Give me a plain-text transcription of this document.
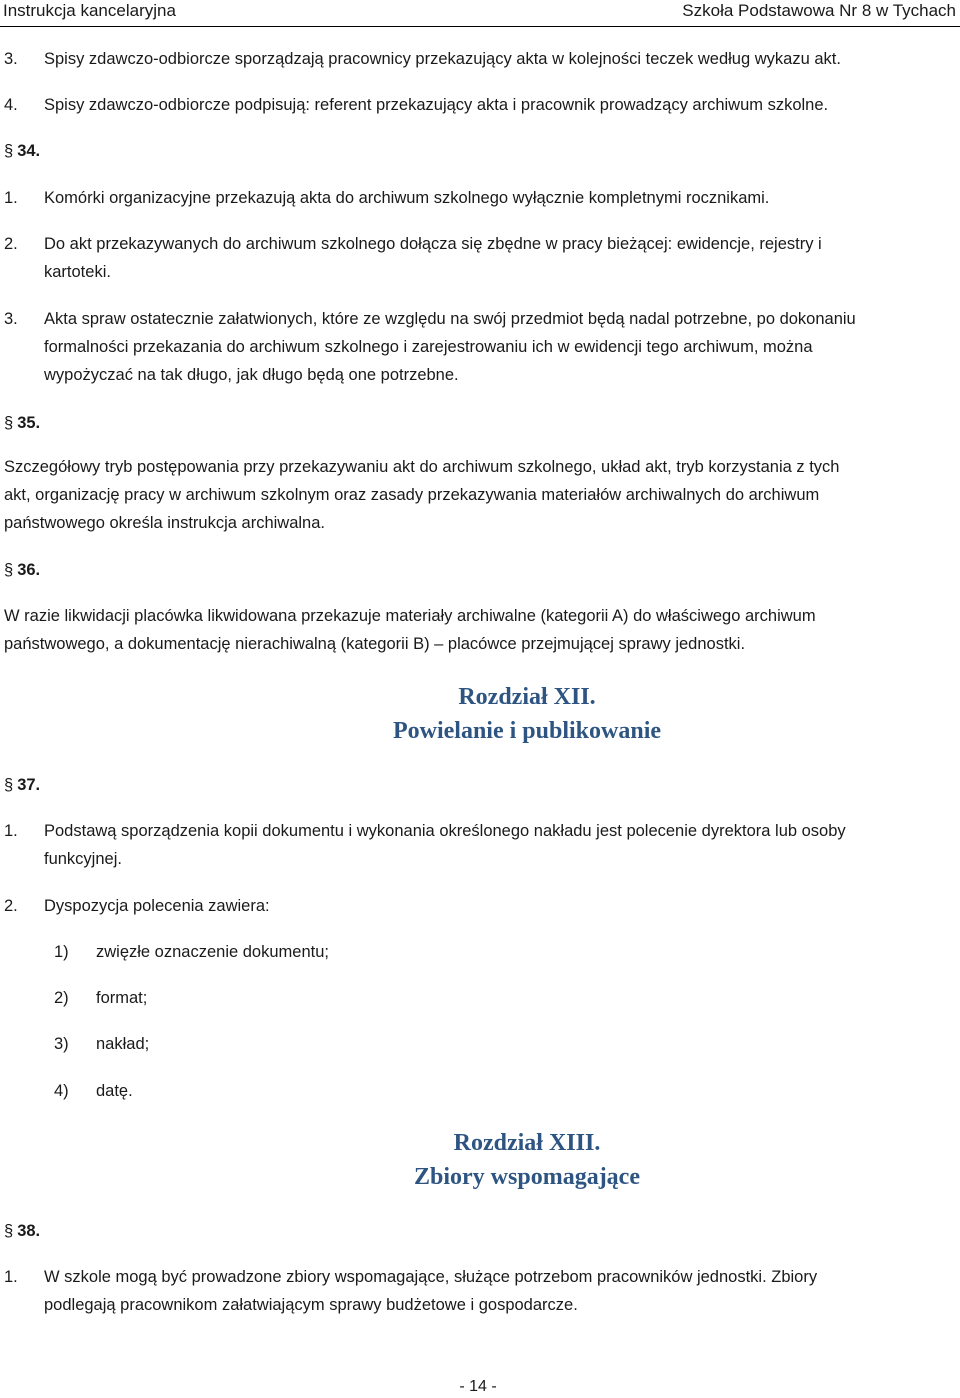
Instrukcja kancelaryjna	Szkoła Podstawowa Nr 8 w Tychach
3. Spisy zdawczo-odbiorcze sporządzają pracownicy przekazujący akta w kolejności teczek według wykazu akt.
4. Spisy zdawczo-odbiorcze podpisują: referent przekazujący akta i pracownik prowadzący archiwum szkolne.
§ 34.
1. Komórki organizacyjne przekazują akta do archiwum szkolnego wyłącznie kompletnymi rocznikami.
2. Do akt przekazywanych do archiwum szkolnego dołącza się zbędne w pracy bieżącej: ewidencje, rejestry i
kartoteki.
3. Akta spraw ostatecznie załatwionych, które ze względu na swój przedmiot będą nadal potrzebne, po dokonaniu
formalności przekazania do archiwum szkolnego i zarejestrowaniu ich w ewidencji tego archiwum, można
wypożyczać na tak długo, jak długo będą one potrzebne.
§ 35.
Szczegółowy tryb postępowania przy przekazywaniu akt do archiwum szkolnego, układ akt, tryb korzystania z tych
akt, organizację pracy w archiwum szkolnym oraz zasady przekazywania materiałów archiwalnych do archiwum
państwowego określa instrukcja archiwalna.
§ 36.
W razie likwidacji placówka likwidowana przekazuje materiały archiwalne (kategorii A) do właściwego archiwum
państwowego, a dokumentację nierachiwalną (kategorii B) – placówce przejmującej sprawy jednostki.
Rozdział XII.
Powielanie i publikowanie
§ 37.
1. Podstawą sporządzenia kopii dokumentu i wykonania określonego nakładu jest polecenie dyrektora lub osoby
funkcyjnej.
2. Dyspozycja polecenia zawiera:
1) zwięzłe oznaczenie dokumentu;
2) format;
3) nakład;
4) datę.
Rozdział XIII.
Zbiory wspomagające
§ 38.
1. W szkole mogą być prowadzone zbiory wspomagające, służące potrzebom pracowników jednostki. Zbiory
podlegają pracownikom załatwiającym sprawy budżetowe i gospodarcze.
- 14 -
